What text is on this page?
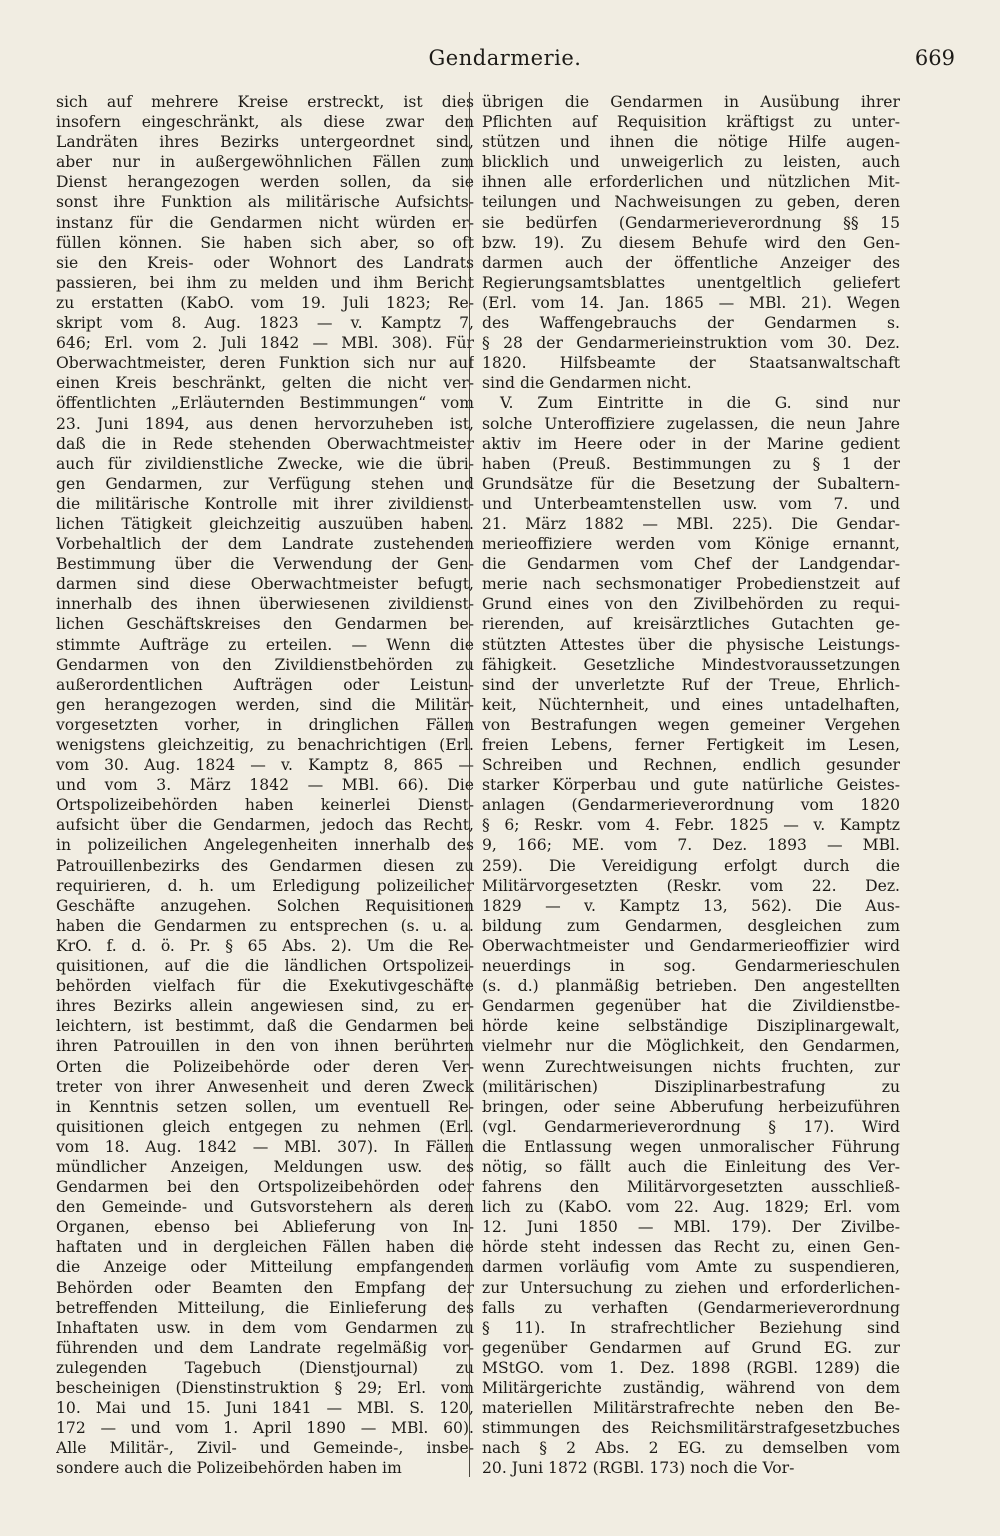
Gendarmerie.	669
sich auf mehrere Kreise erstreckt, ist dies
insofern eingeschränkt, als diese zwar den
Landräten ihres Bezirks untergeordnet sind,
aber nur in außergewöhnlichen Fällen zum
Dienst herangezogen werden sollen, da sie
sonst ihre Funktion als militärische Aufsichts-
instanz für die Gendarmen nicht würden er-
füllen können. Sie haben sich aber, so oft
sie den Kreis- oder Wohnort des Landrats
passieren, bei ihm zu melden und ihm Bericht
zu erstatten (KabO. vom 19. Juli 1823; Re-
skript vom 8. Aug. 1823 — v. Kamptz 7,
646; Erl. vom 2. Juli 1842 — MBl. 308). Für
Oberwachtmeister, deren Funktion sich nur auf
einen Kreis beschränkt, gelten die nicht ver-
öffentlichten „Erläuternden Bestimmungen“ vom
23. Juni 1894, aus denen hervorzuheben ist,
daß die in Rede stehenden Oberwachtmeister
auch für zivildienstliche Zwecke, wie die übri-
gen Gendarmen, zur Verfügung stehen und
die militärische Kontrolle mit ihrer zivildienst-
lichen Tätigkeit gleichzeitig auszuüben haben.
Vorbehaltlich der dem Landrate zustehenden
Bestimmung über die Verwendung der Gen-
darmen sind diese Oberwachtmeister befugt,
innerhalb des ihnen überwiesenen zivildienst-
lichen Geschäftskreises den Gendarmen be-
stimmte Aufträge zu erteilen. — Wenn die
Gendarmen von den Zivildienstbehörden zu
außerordentlichen Aufträgen oder Leistun-
gen herangezogen werden, sind die Militär-
vorgesetzten vorher, in dringlichen Fällen
wenigstens gleichzeitig, zu benachrichtigen (Erl.
vom 30. Aug. 1824 — v. Kamptz 8, 865 —
und vom 3. März 1842 — MBl. 66). Die
Ortspolizeibehörden haben keinerlei Dienst-
aufsicht über die Gendarmen, jedoch das Recht,
in polizeilichen Angelegenheiten innerhalb des
Patrouillenbezirks des Gendarmen diesen zu
requirieren, d. h. um Erledigung polizeilicher
Geschäfte anzugehen. Solchen Requisitionen
haben die Gendarmen zu entsprechen (s. u. a.
KrO. f. d. ö. Pr. § 65 Abs. 2). Um die Re-
quisitionen, auf die die ländlichen Ortspolizei-
behörden vielfach für die Exekutivgeschäfte
ihres Bezirks allein angewiesen sind, zu er-
leichtern, ist bestimmt, daß die Gendarmen bei
ihren Patrouillen in den von ihnen berührten
Orten die Polizeibehörde oder deren Ver-
treter von ihrer Anwesenheit und deren Zweck
in Kenntnis setzen sollen, um eventuell Re-
quisitionen gleich entgegen zu nehmen (Erl.
vom 18. Aug. 1842 — MBl. 307). In Fällen
mündlicher Anzeigen, Meldungen usw. des
Gendarmen bei den Ortspolizeibehörden oder
den Gemeinde- und Gutsvorstehern als deren
Organen, ebenso bei Ablieferung von In-
haftaten und in dergleichen Fällen haben die
die Anzeige oder Mitteilung empfangenden
Behörden oder Beamten den Empfang der
betreffenden Mitteilung, die Einlieferung des
Inhaftaten usw. in dem vom Gendarmen zu
führenden und dem Landrate regelmäßig vor-
zulegenden Tagebuch (Dienstjournal) zu
bescheinigen (Dienstinstruktion § 29; Erl. vom
10. Mai und 15. Juni 1841 — MBl. S. 120,
172 — und vom 1. April 1890 — MBl. 60).
Alle Militär-, Zivil- und Gemeinde-, insbe-
sondere auch die Polizeibehörden haben im
übrigen die Gendarmen in Ausübung ihrer
Pflichten auf Requisition kräftigst zu unter-
stützen und ihnen die nötige Hilfe augen-
blicklich und unweigerlich zu leisten, auch
ihnen alle erforderlichen und nützlichen Mit-
teilungen und Nachweisungen zu geben, deren
sie bedürfen (Gendarmerieverordnung §§ 15
bzw. 19). Zu diesem Behufe wird den Gen-
darmen auch der öffentliche Anzeiger des
Regierungsamtsblattes unentgeltlich geliefert
(Erl. vom 14. Jan. 1865 — MBl. 21). Wegen
des Waffengebrauchs der Gendarmen s.
§ 28 der Gendarmerieinstruktion vom 30. Dez.
1820. Hilfsbeamte der Staatsanwaltschaft
sind die Gendarmen nicht.
V. Zum Eintritte in die G. sind nur
solche Unteroffiziere zugelassen, die neun Jahre
aktiv im Heere oder in der Marine gedient
haben (Preuß. Bestimmungen zu § 1 der
Grundsätze für die Besetzung der Subaltern-
und Unterbeamtenstellen usw. vom 7. und
21. März 1882 — MBl. 225). Die Gendar-
merieoffiziere werden vom Könige ernannt,
die Gendarmen vom Chef der Landgendar-
merie nach sechsmonatiger Probedienstzeit auf
Grund eines von den Zivilbehörden zu requi-
rierenden, auf kreisärztliches Gutachten ge-
stützten Attestes über die physische Leistungs-
fähigkeit. Gesetzliche Mindestvoraussetzungen
sind der unverletzte Ruf der Treue, Ehrlich-
keit, Nüchternheit, und eines untadelhaften,
von Bestrafungen wegen gemeiner Vergehen
freien Lebens, ferner Fertigkeit im Lesen,
Schreiben und Rechnen, endlich gesunder
starker Körperbau und gute natürliche Geistes-
anlagen (Gendarmerieverordnung vom 1820
§ 6; Reskr. vom 4. Febr. 1825 — v. Kamptz
9, 166; ME. vom 7. Dez. 1893 — MBl.
259). Die Vereidigung erfolgt durch die
Militärvorgesetzten (Reskr. vom 22. Dez.
1829 — v. Kamptz 13, 562). Die Aus-
bildung zum Gendarmen, desgleichen zum
Oberwachtmeister und Gendarmerieoffizier wird
neuerdings in sog. Gendarmerieschulen
(s. d.) planmäßig betrieben. Den angestellten
Gendarmen gegenüber hat die Zivildienstbe-
hörde keine selbständige Disziplinargewalt,
vielmehr nur die Möglichkeit, den Gendarmen,
wenn Zurechtweisungen nichts fruchten, zur
(militärischen) Disziplinarbestrafung zu
bringen, oder seine Abberufung herbeizuführen
(vgl. Gendarmerieverordnung § 17). Wird
die Entlassung wegen unmoralischer Führung
nötig, so fällt auch die Einleitung des Ver-
fahrens den Militärvorgesetzten ausschließ-
lich zu (KabO. vom 22. Aug. 1829; Erl. vom
12. Juni 1850 — MBl. 179). Der Zivilbe-
hörde steht indessen das Recht zu, einen Gen-
darmen vorläufig vom Amte zu suspendieren,
zur Untersuchung zu ziehen und erforderlichen-
falls zu verhaften (Gendarmerieverordnung
§ 11). In strafrechtlicher Beziehung sind
gegenüber Gendarmen auf Grund EG. zur
MStGO. vom 1. Dez. 1898 (RGBl. 1289) die
Militärgerichte zuständig, während von dem
materiellen Militärstrafrechte neben den Be-
stimmungen des Reichsmilitärstrafgesetzbuches
nach § 2 Abs. 2 EG. zu demselben vom
20. Juni 1872 (RGBl. 173) noch die Vor-
